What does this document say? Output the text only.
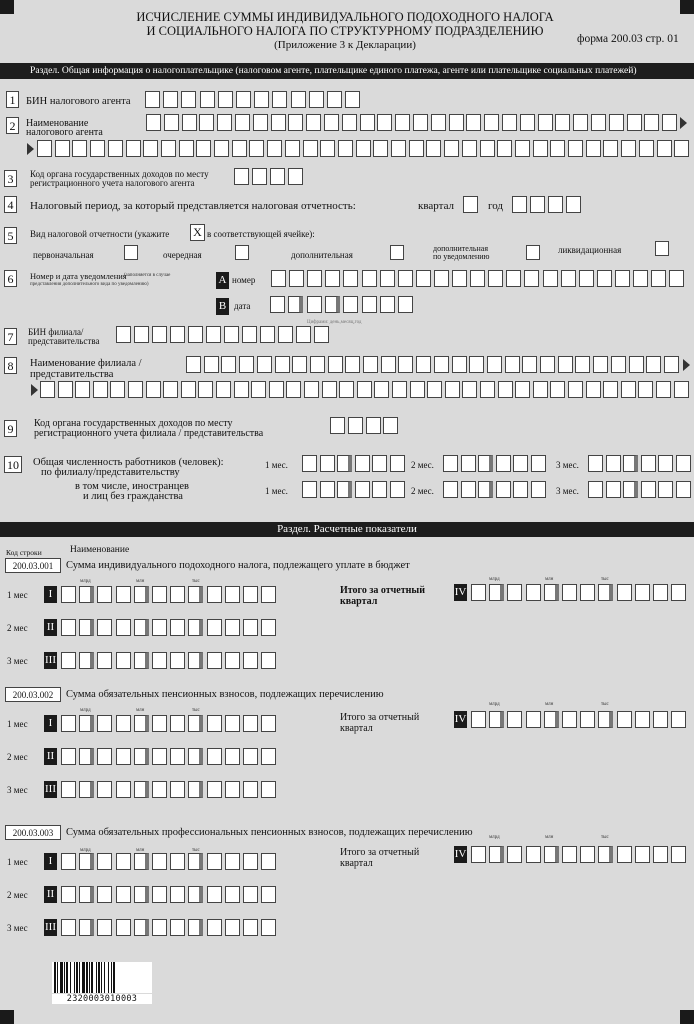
ИСЧИСЛЕНИЕ СУММЫ ИНДИВИДУАЛЬНОГО ПОДОХОДНОГО НАЛОГА
И СОЦИАЛЬНОГО НАЛОГА ПО СТРУКТУРНОМУ ПОДРАЗДЕЛЕНИЮ
(Приложение 3 к Декларации)	форма 200.03 стр. 01
Раздел. Общая информация о налогоплательщике (налоговом агенте, плательщике единого платежа, агенте или плательщике социальных платежей)
1	БИН налогового агента
2	Наименование
налогового агента
3	Код органа государственных доходов по месту
регистрационного учета налогового агента
4	Налоговый период, за который представляется налоговая отчетность:	квартал	год
5	Вид налоговой отчетности (укажите X в соответствующей ячейке):
первоначальная	очередная	дополнительная
дополнительная
по уведомлению
ликвидационная
6	Номер и дата уведомления
(заполняется в случае
представления дополнительного вида по уведомлению)	A номер
B дата
Цифрами: день,месяц,год
7	БИН филиала/
представительства
8	Наименование филиала /
представительства
9	Код органа государственных доходов по месту
регистрационного учета филиала / представительства
10 Общая численность работников (человек):
по филиалу/представительству
в том числе, иностранцев
и лиц без гражданства
1 мес.	2 мес.	3 мес.
1 мес.	2 мес.	3 мес.
Раздел. Расчетные показатели
Код строки	Наименование
2320003010003
200.03.001	Сумма индивидуального подоходного налога, подлежащего уплате в бюджет
млрд	млн	тыс	млрд	млн	тыс
1 мес	I
2 мес II
3 мес III
Итого за отчетный
квартал
IV
200.03.002	Сумма обязательных пенсионных взносов, подлежащих перечислению
млрд	млн	тыс
млрд	млн	тыс
1 мес	I
2 мес II
3 мес III
Итого за отчетный
квартал
IV
200.03.003	Сумма обязательных профессиональных пенсионных взносов, подлежащих перечислению
млрд	млн	тыс
млрд	млн	тыс
1 мес	I
2 мес II
3 мес III
Итого за отчетный
квартал
IV
